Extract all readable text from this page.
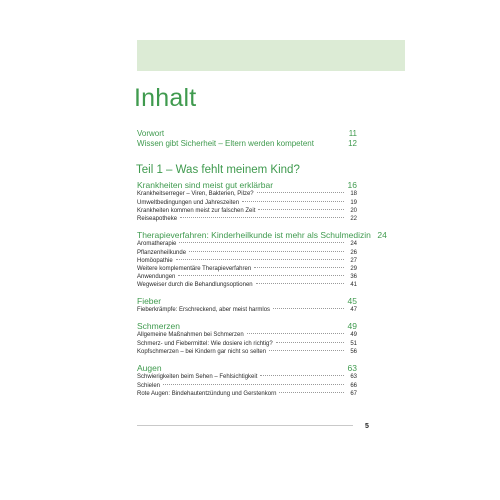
Inhalt
Vorwort	11
Wissen gibt Sicherheit – Eltern werden kompetent	12
Teil 1 – Was fehlt meinem Kind?
Krankheiten sind meist gut erklärbar	16
Krankheitserreger – Viren, Bakterien, Pilze?	18
Umweltbedingungen und Jahreszeiten	19
Krankheiten kommen meist zur falschen Zeit	20
Reiseapotheke	22
Therapieverfahren: Kinderheilkunde ist mehr als Schulmedizin 24
Aromatherapie	24
Pflanzenheilkunde	26
Homöopathie	27
Weitere komplementäre Therapieverfahren	29
Anwendungen	36
Wegweiser durch die Behandlungsoptionen	41
Fieber	45
Fieberkrämpfe: Erschreckend, aber meist harmlos	47
Schmerzen	49
Allgemeine Maßnahmen bei Schmerzen	49
Schmerz- und Fiebermittel: Wie dosiere ich richtig?	51
Kopfschmerzen – bei Kindern gar nicht so selten	56
Augen	63
Schwierigkeiten beim Sehen – Fehlsichtigkeit	63
Schielen	66
Rote Augen: Bindehautentzündung und Gerstenkorn	67
5
